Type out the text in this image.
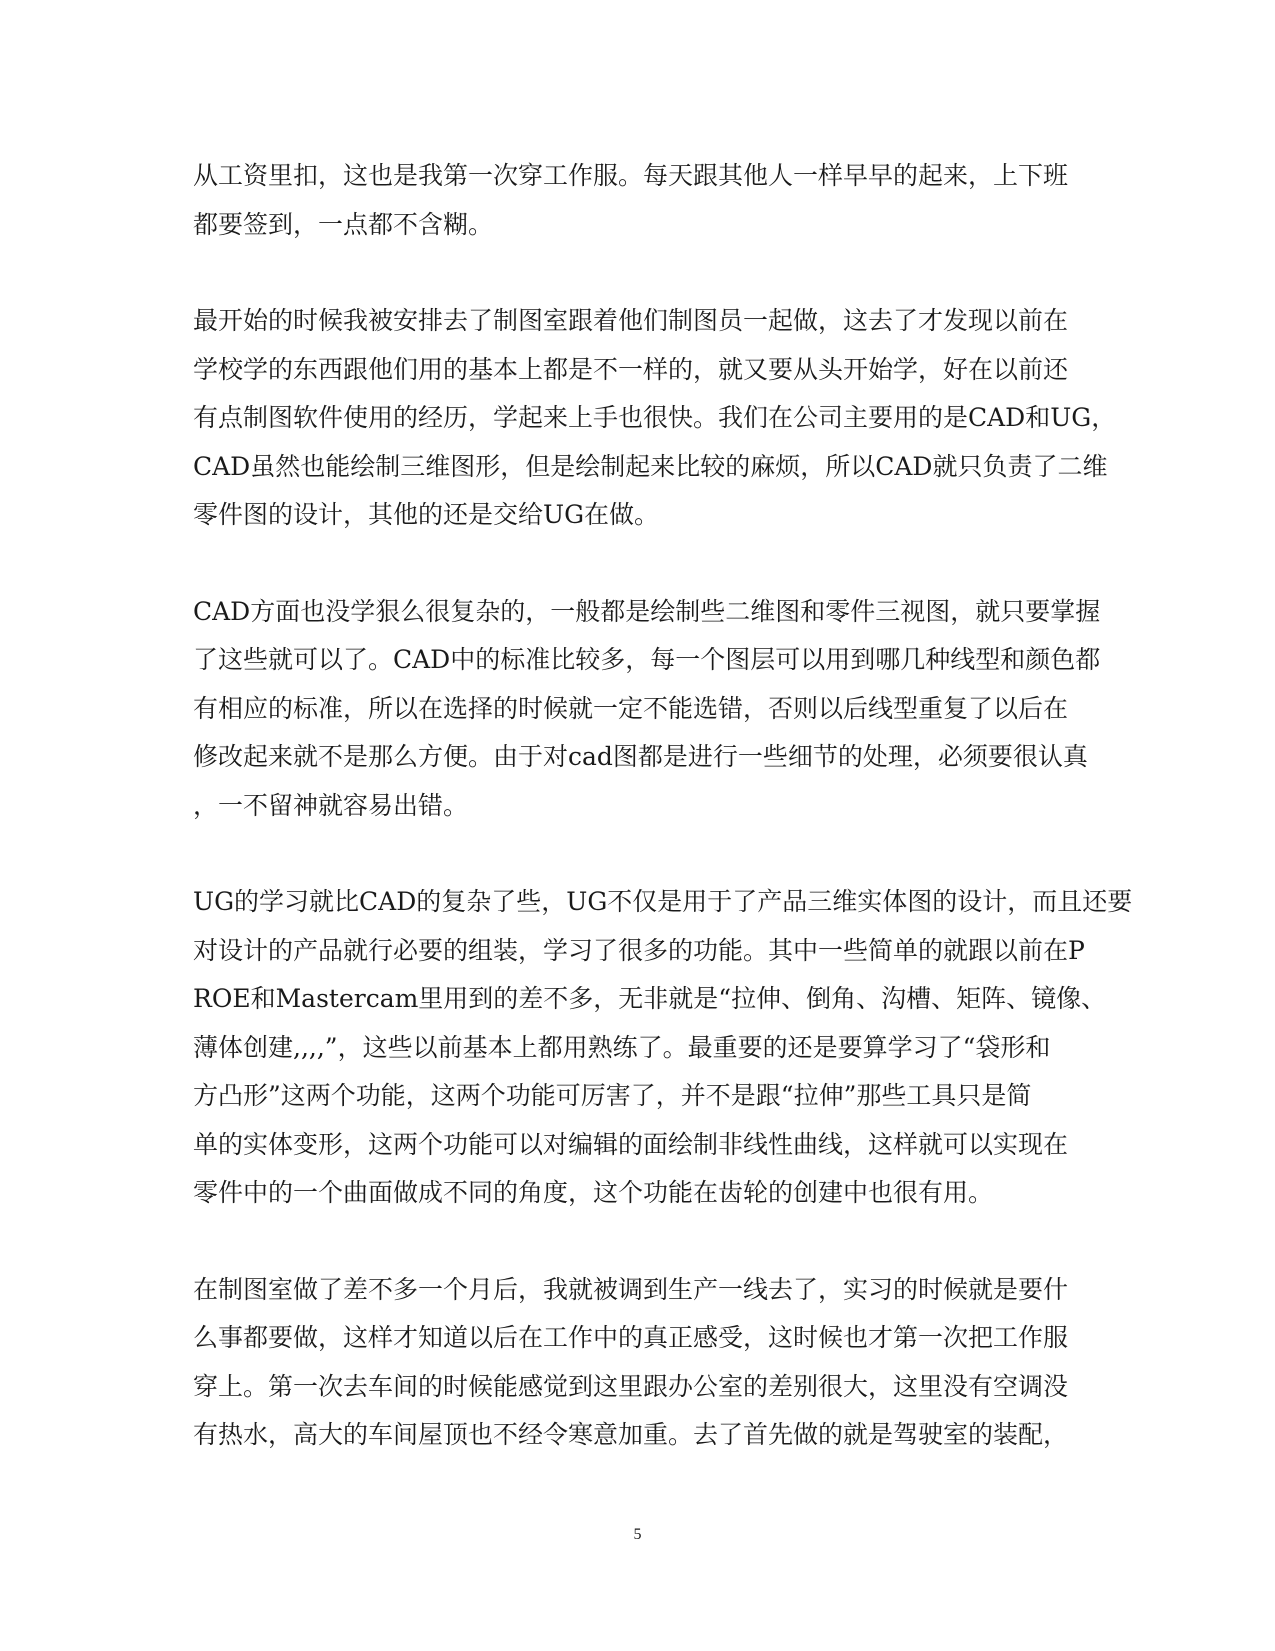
从工资里扣，这也是我第一次穿工作服。每天跟其他人一样早早的起来，上下班
都要签到，一点都不含糊。
最开始的时候我被安排去了制图室跟着他们制图员一起做，这去了才发现以前在
学校学的东西跟他们用的基本上都是不一样的，就又要从头开始学，好在以前还
有点制图软件使用的经历，学起来上手也很快。我们在公司主要用的是CAD和UG，
CAD虽然也能绘制三维图形，但是绘制起来比较的麻烦，所以CAD就只负责了二维
零件图的设计，其他的还是交给UG在做。
CAD方面也没学狠么很复杂的，一般都是绘制些二维图和零件三视图，就只要掌握
了这些就可以了。CAD中的标准比较多，每一个图层可以用到哪几种线型和颜色都
有相应的标准，所以在选择的时候就一定不能选错，否则以后线型重复了以后在
修改起来就不是那么方便。由于对cad图都是进行一些细节的处理，必须要很认真
，一不留神就容易出错。
UG的学习就比CAD的复杂了些，UG不仅是用于了产品三维实体图的设计，而且还要
对设计的产品就行必要的组装，学习了很多的功能。其中一些简单的就跟以前在P
ROE和Mastercam里用到的差不多，无非就是“拉伸、倒角、沟槽、矩阵、镜像、
薄体创建,,,,”，这些以前基本上都用熟练了。最重要的还是要算学习了“袋形和
方凸形”这两个功能，这两个功能可厉害了，并不是跟“拉伸”那些工具只是简
单的实体变形，这两个功能可以对编辑的面绘制非线性曲线，这样就可以实现在
零件中的一个曲面做成不同的角度，这个功能在齿轮的创建中也很有用。
在制图室做了差不多一个月后，我就被调到生产一线去了，实习的时候就是要什
么事都要做，这样才知道以后在工作中的真正感受，这时候也才第一次把工作服
穿上。第一次去车间的时候能感觉到这里跟办公室的差别很大，这里没有空调没
有热水，高大的车间屋顶也不经令寒意加重。去了首先做的就是驾驶室的装配，
5
